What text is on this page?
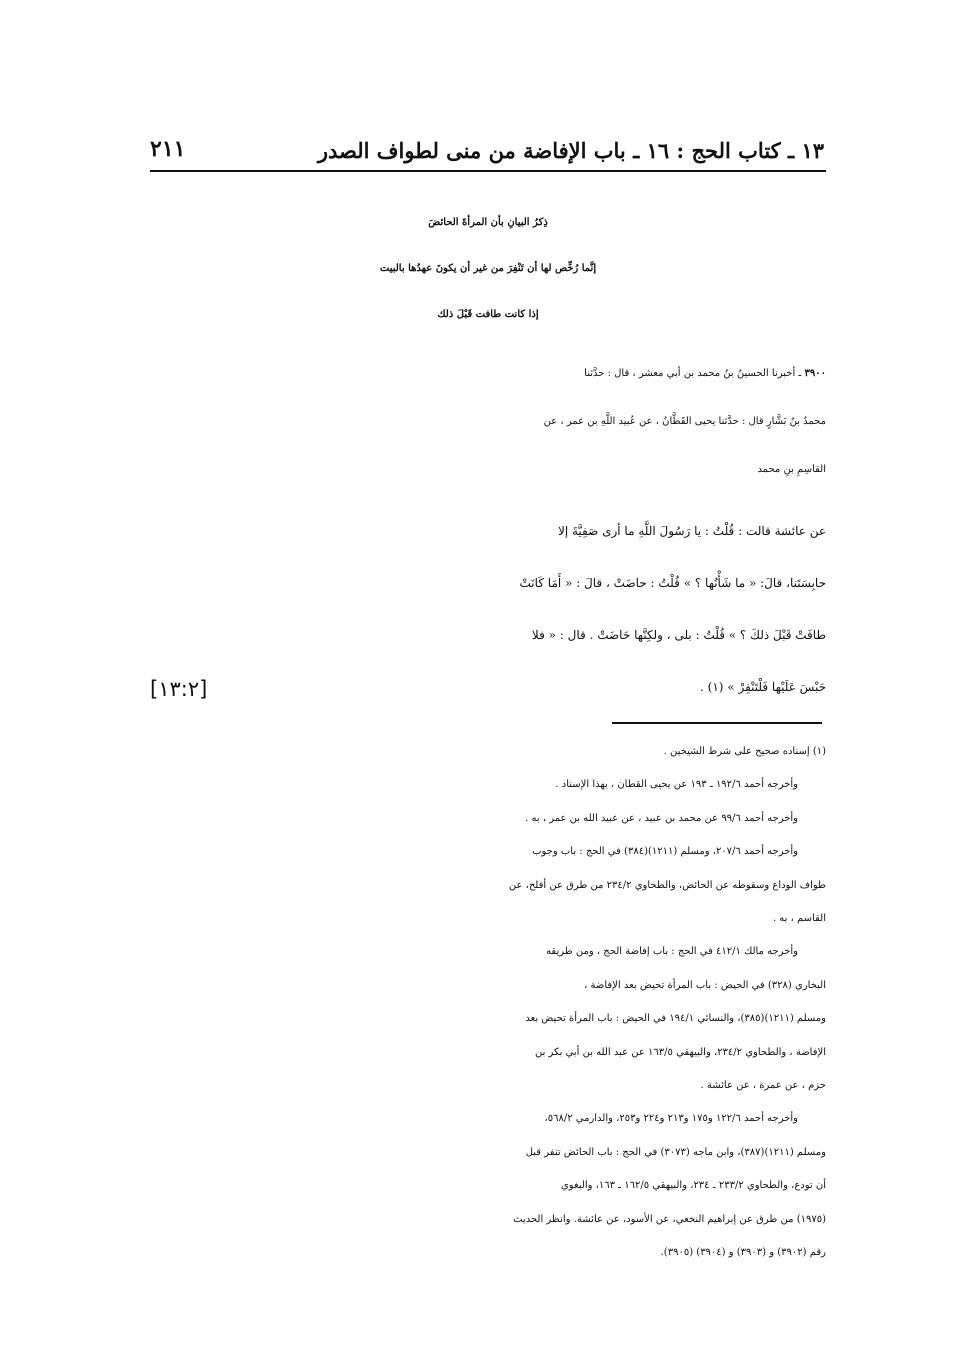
١٣ ـ كتاب الحج : ١٦ ـ باب الإفاضة من منى لطواف الصدر
٢١١
ذِكرُ البيانِ بأن المرأةَ الحائضَ
إنَّما رُخِّص لها أن تَنْفِرَ من غير أن يكونَ عهدُها بالبيت
إذا كانت طافت قَبْلَ ذلك
٣٩٠٠ ـ أخبرنا الحسينُ بنُ محمد بن أبي معشر ، قال : حدَّثنا
محمدُ بنُ بَشَّارٍ قال : حدَّثنا يحيى القَطَّانُ ، عن عُبيد اللَّهِ بن عمر ، عن
القاسِمِ بنِ محمد
عن عائشة قالت : قُلْتُ : يا رَسُولَ اللَّهِ ما أرى صَفِيَّةَ إلا
حابِسَتَنا، قالَ: « ما شَأْنُها ؟ » قُلْتُ : حاضَتْ ، قالَ : « أَمَا كَانَتْ
طافَتْ قَبْلَ ذلكَ ؟ » قُلْتُ : بلى ، ولكِنَّها حَاضَتْ . قال : « فلا
حَبْسَ عَلَيْها فَلْتَنْفِرْ » (١) .
[١٣:٢]
(١) إسناده صحيح على شرط الشيخين .
وأخرجه أحمد ١٩٢/٦ ـ ١٩٣ عن يحيى القطان ، بهذا الإسناد .
وأخرجه أحمد ٩٩/٦ عن محمد بن عبيد ، عن عبيد الله بن عمر ، به .
وأخرجه أحمد ٢٠٧/٦، ومسلم (١٢١١)(٣٨٤) في الحج : باب وجوب
طواف الوداع وسقوطه عن الحائض، والطحاوي ٢٣٤/٢ من طرق عن أفلح، عن
القاسم ، به .
وأخرجه مالك ٤١٢/١ في الحج : باب إفاضة الحج ، ومن طريقه
البخاري (٣٢٨) في الحيض : باب المرأة تحيض بعد الإفاضة ،
ومسلم (١٢١١)(٣٨٥)، والنسائي ١٩٤/١ في الحيض : باب المرأة تحيض بعد
الإفاضة ، والطحاوي ٢٣٤/٢، والبيهقي ١٦٣/٥ عن عبد الله بن أبي بكر بن
حزم ، عن عمرة ، عن عائشة .
وأخرجه أحمد ١٢٢/٦ و١٧٥ و٢١٣ و٢٢٤ و٢٥٣، والدارمي ٥٦٨/٢،
ومسلم (١٢١١)(٣٨٧)، وابن ماجه (٣٠٧٣) في الحج : باب الحائض تنفر قبل
أن تودع، والطحاوي ٢٣٣/٢ ـ ٢٣٤، والبيهقي ١٦٢/٥ ـ ١٦٣، والبغوي
(١٩٧٥) من طرق عن إبراهيم النخعي، عن الأسود، عن عائشة. وانظر الحديث
رقم (٣٩٠٢) و (٣٩٠٣) و (٣٩٠٤) (٣٩٠٥).
